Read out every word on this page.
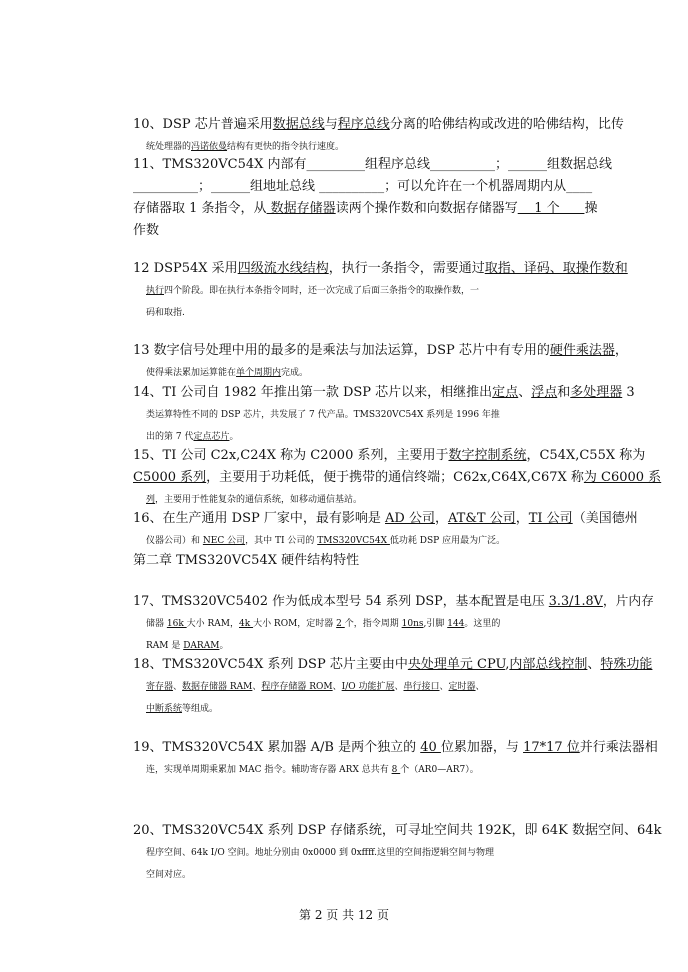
10、DSP 芯片普遍采用数据总线与程序总线分离的哈佛结构或改进的哈佛结构，比传
统处理器的冯诺依曼结构有更快的指令执行速度。
11、TMS320VC54X 内部有_________组程序总线__________；______组数据总线
__________；______组地址总线 __________；可以允许在一个机器周期内从____
存储器取 1 条指令，从 数据存储器读两个操作数和向数据存储器写    1 个      操
作数
12 DSP54X 采用四级流水线结构，执行一条指令，需要通过取指、译码、取操作数和
执行四个阶段。即在执行本条指令同时，还一次完成了后面三条指令的取操作数，一
码和取指.
13 数字信号处理中用的最多的是乘法与加法运算，DSP 芯片中有专用的硬件乘法器，
使得乘法累加运算能在单个周期内完成。
14、TI 公司自 1982 年推出第一款 DSP 芯片以来，相继推出定点、浮点和多处理器 3
类运算特性不同的 DSP 芯片，共发展了 7 代产品。TMS320VC54X 系列是 1996 年推
出的第 7 代定点芯片。
15、TI 公司 C2x,C24X 称为 C2000 系列，主要用于数字控制系统，C54X,C55X 称为
C5000 系列，主要用于功耗低，便于携带的通信终端；C62x,C64X,C67X 称为 C6000 系
列，主要用于性能复杂的通信系统，如移动通信基站。
16、在生产通用 DSP 厂家中，最有影响是 AD 公司，AT&T 公司，TI 公司（美国德州
仪器公司）和 NEC 公司，其中 TI 公司的 TMS320VC54X 低功耗 DSP 应用最为广泛。
第二章 TMS320VC54X 硬件结构特性
17、TMS320VC5402 作为低成本型号 54 系列 DSP，基本配置是电压 3.3/1.8V，片内存
储器 16k 大小 RAM，4k 大小 ROM，定时器 2 个，指令周期 10ns,引脚 144。这里的
RAM 是 DARAM。
18、TMS320VC54X 系列 DSP 芯片主要由中央处理单元 CPU,内部总线控制、特殊功能
寄存器、数据存储器 RAM、程序存储器 ROM、I/O 功能扩展、串行接口、定时器、
中断系统等组成。
19、TMS320VC54X 累加器 A/B 是两个独立的 40 位累加器，与 17*17 位并行乘法器相
连，实现单周期乘累加 MAC 指令。辅助寄存器 ARX 总共有 8 个（AR0—AR7）。
20、TMS320VC54X 系列 DSP 存储系统，可寻址空间共 192K，即 64K 数据空间、64k
程序空间、64k I/O 空间。地址分别由 0x0000 到 0xffff.这里的空间指逻辑空间与物理
空间对应。
第 2 页 共 12 页
